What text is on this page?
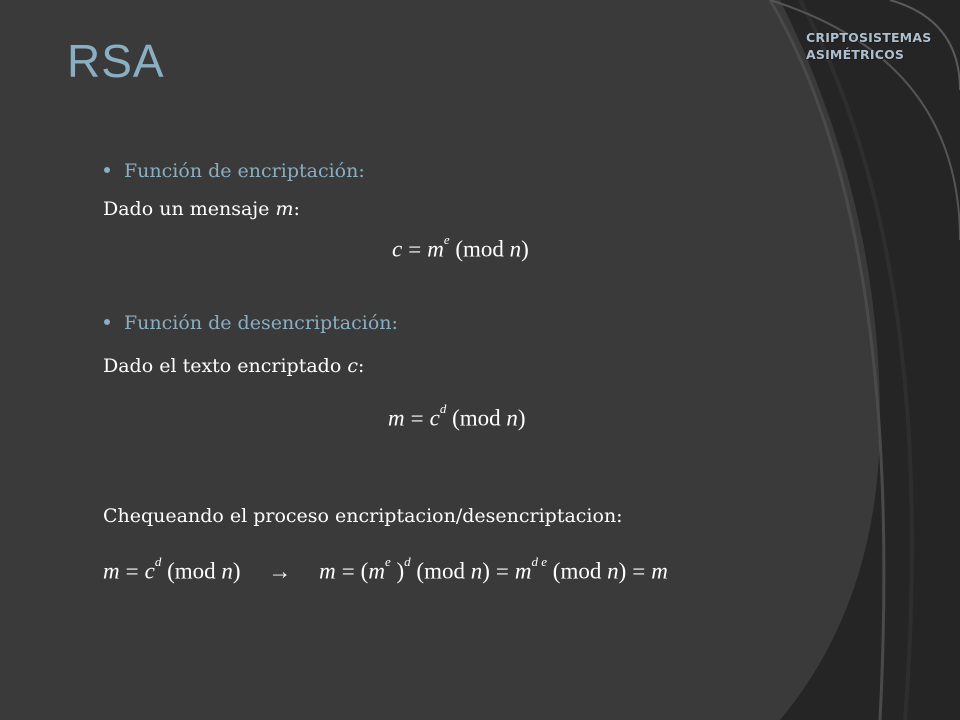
RSA	CRIPTOSISTEMAS
ASIMÉTRICOS
Función de encriptación:
Dado un mensaje m:
$c = m^e$ (mod n)
Función de desencriptación:
Dado el texto encriptado c:
$m = c^d$ (mod n)
Chequeando el proceso encriptacion/desencriptacion:
$m = c^d$ (mod $n) \to m = (m^e$ )$^d$ (mod $n) = m^{d e}$ (mod n) = m
